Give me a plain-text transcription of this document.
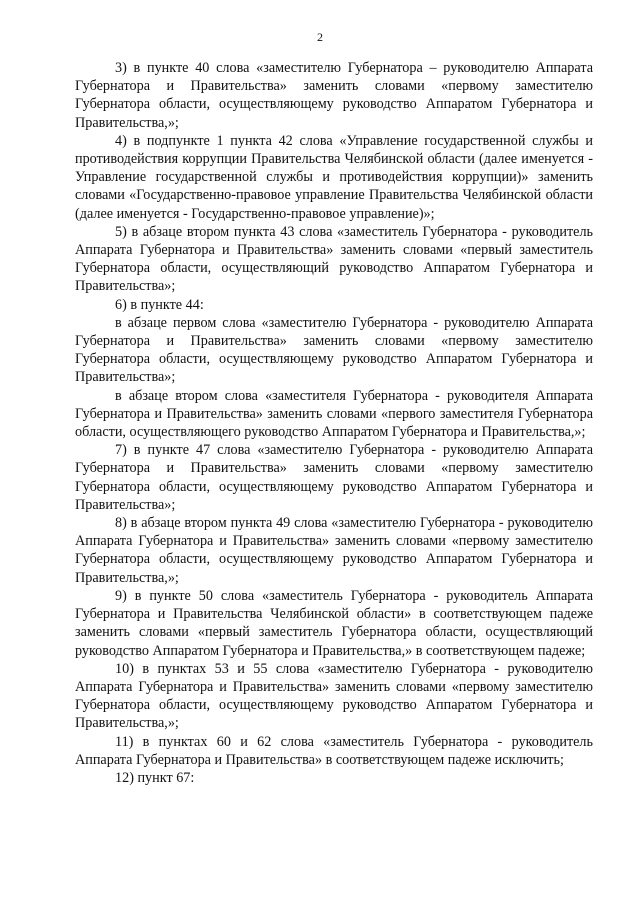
2

3) в пункте 40 слова «заместителю Губернатора – руководителю Аппарата Губернатора и Правительства» заменить словами «первому заместителю Губернатора области, осуществляющему руководство Аппаратом Губернатора и Правительства,»;

4) в подпункте 1 пункта 42 слова «Управление государственной службы и противодействия коррупции Правительства Челябинской области (далее именуется - Управление государственной службы и противодействия коррупции)» заменить словами «Государственно-правовое управление Правительства Челябинской области (далее именуется - Государственно-правовое управление)»;

5) в абзаце втором пункта 43 слова «заместитель Губернатора - руководитель Аппарата Губернатора и Правительства» заменить словами «первый заместитель Губернатора области, осуществляющий руководство Аппаратом Губернатора и Правительства»;

6) в пункте 44:

в абзаце первом слова «заместителю Губернатора - руководителю Аппарата Губернатора и Правительства» заменить словами «первому заместителю Губернатора области, осуществляющему руководство Аппаратом Губернатора и Правительства»;

в абзаце втором слова «заместителя Губернатора - руководителя Аппарата Губернатора и Правительства» заменить словами «первого заместителя Губернатора области, осуществляющего руководство Аппаратом Губернатора и Правительства,»;

7) в пункте 47 слова «заместителю Губернатора - руководителю Аппарата Губернатора и Правительства» заменить словами «первому заместителю Губернатора области, осуществляющему руководство Аппаратом Губернатора и Правительства»;

8) в абзаце втором пункта 49 слова «заместителю Губернатора - руководителю Аппарата Губернатора и Правительства» заменить словами «первому заместителю Губернатора области, осуществляющему руководство Аппаратом Губернатора и Правительства,»;

9) в пункте 50 слова «заместитель Губернатора - руководитель Аппарата Губернатора и Правительства Челябинской области» в соответствующем падеже заменить словами «первый заместитель Губернатора области, осуществляющий руководство Аппаратом Губернатора и Правительства,» в соответствующем падеже;

10) в пунктах 53 и 55 слова «заместителю Губернатора - руководителю Аппарата Губернатора и Правительства» заменить словами «первому заместителю Губернатора области, осуществляющему руководство Аппаратом Губернатора и Правительства,»;

11) в пунктах 60 и 62 слова «заместитель Губернатора - руководитель Аппарата Губернатора и Правительства» в соответствующем падеже исключить;

12) пункт 67:
